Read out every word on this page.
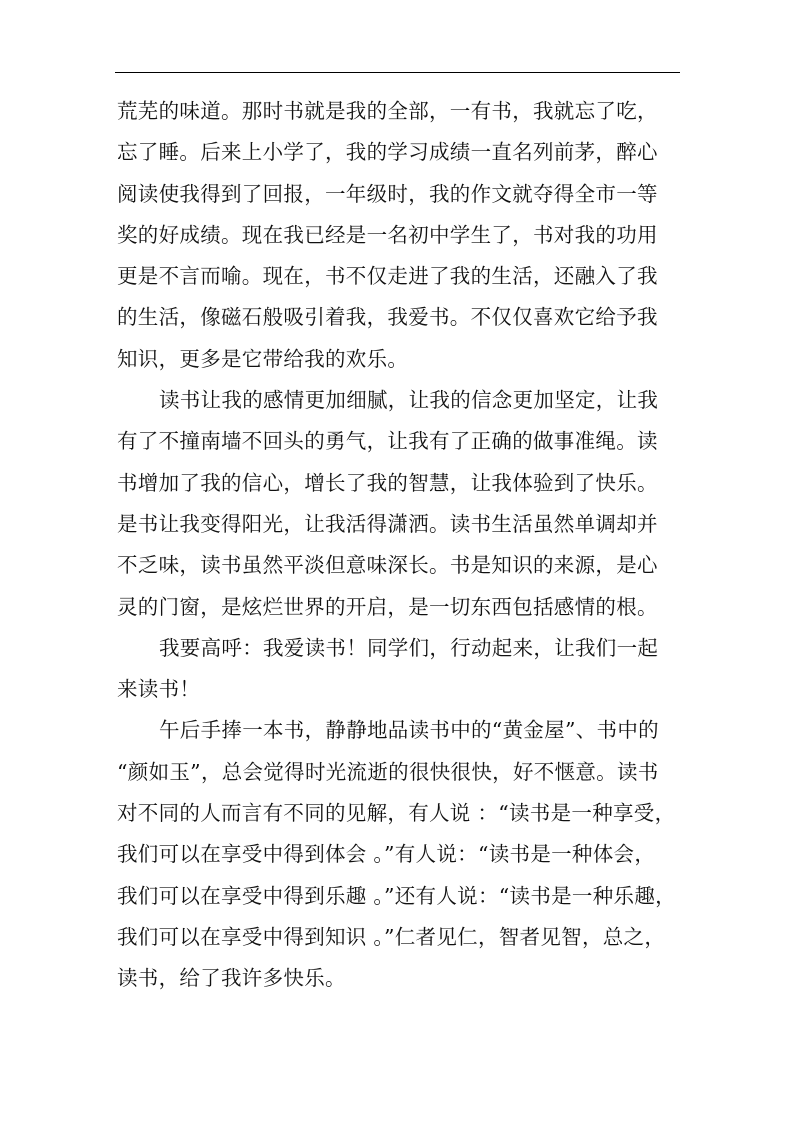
荒芜的味道。那时书就是我的全部，一有书，我就忘了吃，
忘了睡。后来上小学了，我的学习成绩一直名列前茅，醉心
阅读使我得到了回报，一年级时，我的作文就夺得全市一等
奖的好成绩。现在我已经是一名初中学生了，书对我的功用
更是不言而喻。现在，书不仅走进了我的生活，还融入了我
的生活，像磁石般吸引着我，我爱书。不仅仅喜欢它给予我
知识，更多是它带给我的欢乐。
读书让我的感情更加细腻，让我的信念更加坚定，让我
有了不撞南墙不回头的勇气，让我有了正确的做事准绳。读
书增加了我的信心，增长了我的智慧，让我体验到了快乐。
是书让我变得阳光，让我活得潇洒。读书生活虽然单调却并
不乏味，读书虽然平淡但意味深长。书是知识的来源，是心
灵的门窗，是炫烂世界的开启，是一切东西包括感情的根。
我要高呼：我爱读书！同学们，行动起来，让我们一起
来读书！
午后手捧一本书，静静地品读书中的“黄金屋”、书中的
“颜如玉”，总会觉得时光流逝的很快很快，好不惬意。读书
对不同的人而言有不同的见解，有人说 ：“读书是一种享受，
我们可以在享受中得到体会 。”有人说：“读书是一种体会，
我们可以在享受中得到乐趣 。”还有人说：“读书是一种乐趣，
我们可以在享受中得到知识 。”仁者见仁，智者见智，总之，
读书，给了我许多快乐。
